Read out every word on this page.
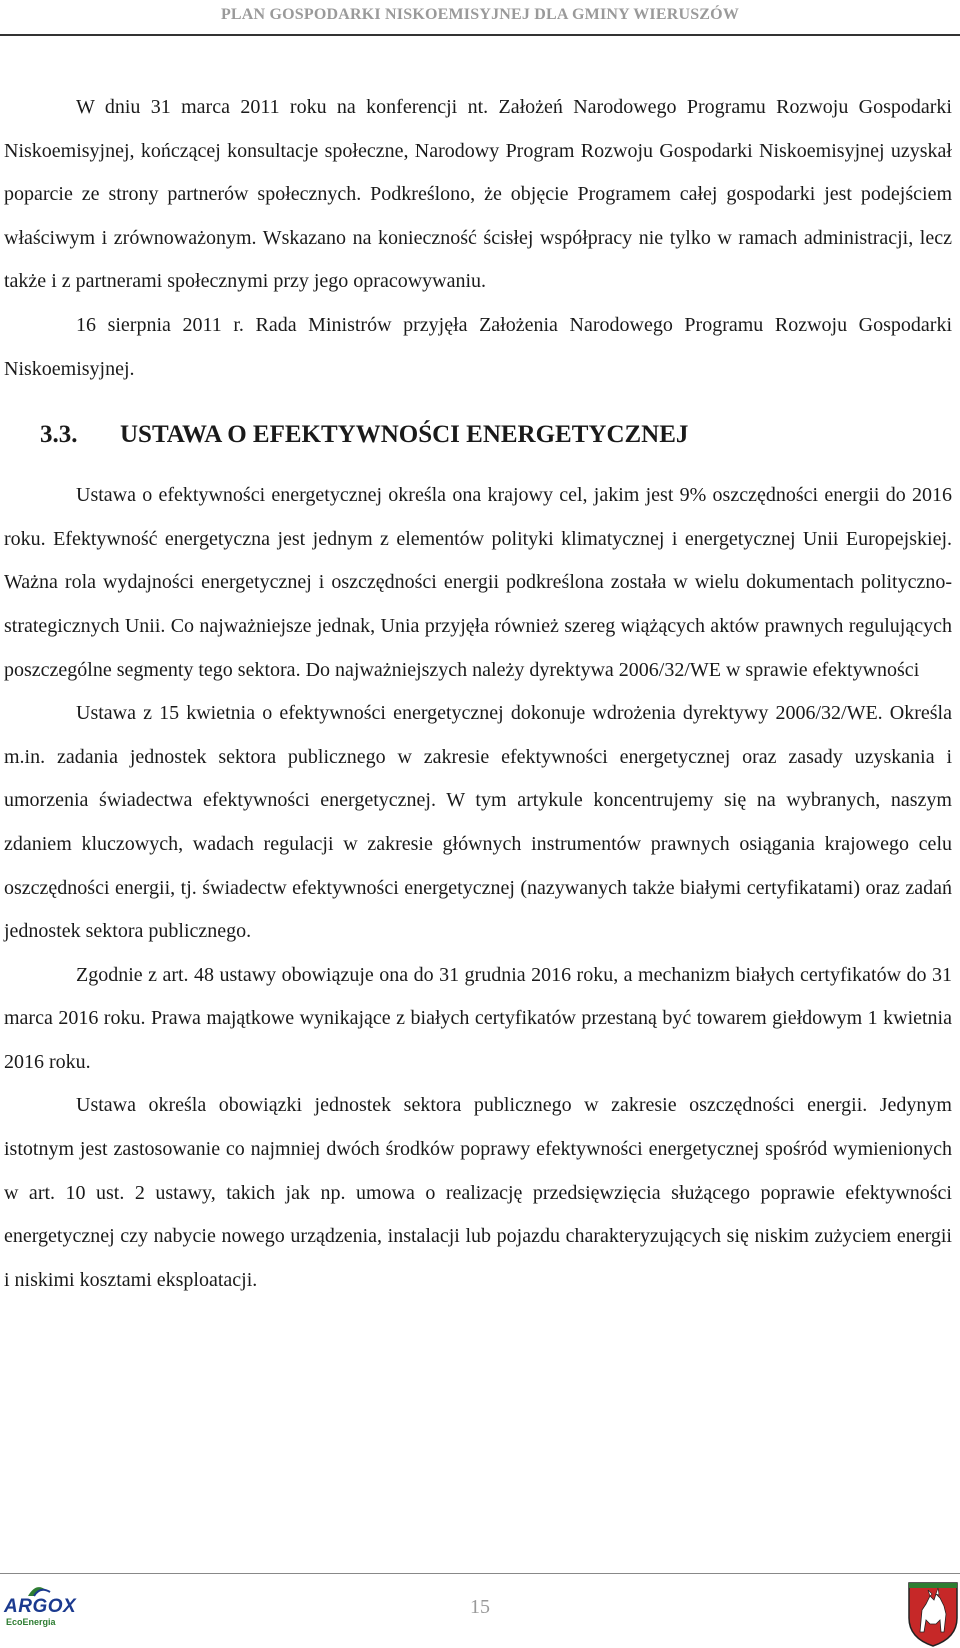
PLAN GOSPODARKI NISKOEMISYJNEJ DLA GMINY WIERUSZÓW

W dniu 31 marca 2011 roku na konferencji nt. Założeń Narodowego Programu Rozwoju Gospodarki Niskoemisyjnej, kończącej konsultacje społeczne, Narodowy Program Rozwoju Gospodarki Niskoemisyjnej uzyskał poparcie ze strony partnerów społecznych. Podkreślono, że objęcie Programem całej gospodarki jest podejściem właściwym i zrównoważonym. Wskazano na konieczność ścisłej współpracy nie tylko w ramach administracji, lecz także i z partnerami społecznymi przy jego opracowywaniu.

16 sierpnia 2011 r. Rada Ministrów przyjęła Założenia Narodowego Programu Rozwoju Gospodarki Niskoemisyjnej.

3.3. USTAWA O EFEKTYWNOŚCI ENERGETYCZNEJ

Ustawa o efektywności energetycznej określa ona krajowy cel, jakim jest 9% oszczędności energii do 2016 roku. Efektywność energetyczna jest jednym z elementów polityki klimatycznej i energetycznej Unii Europejskiej. Ważna rola wydajności energetycznej i oszczędności energii podkreślona została w wielu dokumentach polityczno-strategicznych Unii. Co najważniejsze jednak, Unia przyjęła również szereg wiążących aktów prawnych regulujących poszczególne segmenty tego sektora. Do najważniejszych należy dyrektywa 2006/32/WE w sprawie efektywności

Ustawa z 15 kwietnia o efektywności energetycznej dokonuje wdrożenia dyrektywy 2006/32/WE. Określa m.in. zadania jednostek sektora publicznego w zakresie efektywności energetycznej oraz zasady uzyskania i umorzenia świadectwa efektywności energetycznej. W tym artykule koncentrujemy się na wybranych, naszym zdaniem kluczowych, wadach regulacji w zakresie głównych instrumentów prawnych osiągania krajowego celu oszczędności energii, tj. świadectw efektywności energetycznej (nazywanych także białymi certyfikatami) oraz zadań jednostek sektora publicznego.

Zgodnie z art. 48 ustawy obowiązuje ona do 31 grudnia 2016 roku, a mechanizm białych certyfikatów do 31 marca 2016 roku. Prawa majątkowe wynikające z białych certyfikatów przestaną być towarem giełdowym 1 kwietnia 2016 roku.

Ustawa określa obowiązki jednostek sektora publicznego w zakresie oszczędności energii. Jedynym istotnym jest zastosowanie co najmniej dwóch środków poprawy efektywności energetycznej spośród wymienionych w art. 10 ust. 2 ustawy, takich jak np. umowa o realizację przedsięwzięcia służącego poprawie efektywności energetycznej czy nabycie nowego urządzenia, instalacji lub pojazdu charakteryzujących się niskim zużyciem energii i niskimi kosztami eksploatacji.

ARGOX
EcoEnergia
15
